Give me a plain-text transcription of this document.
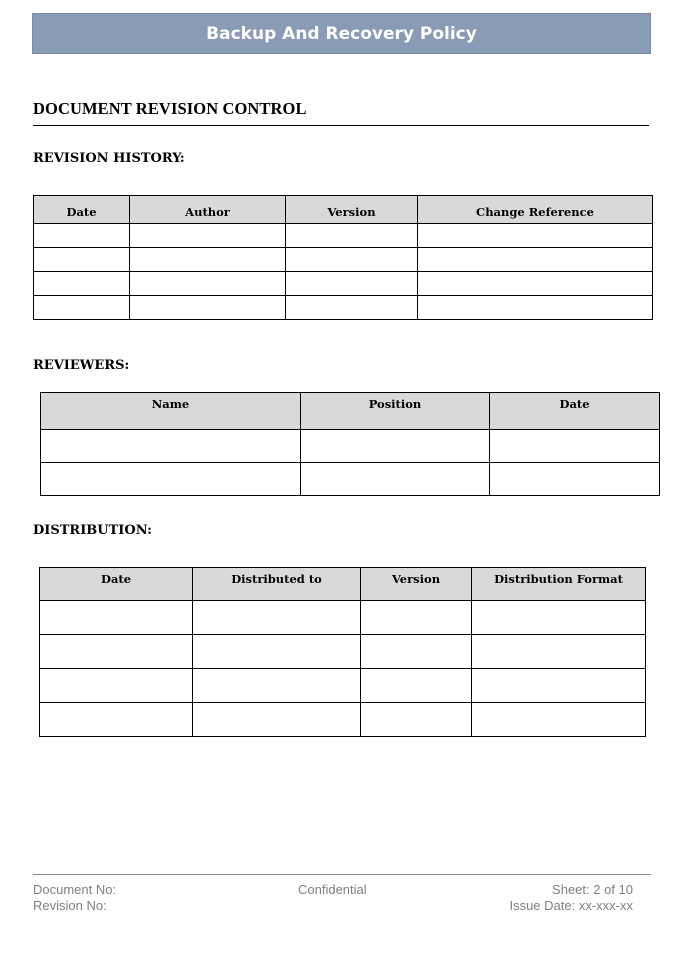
Backup And Recovery Policy
DOCUMENT REVISION CONTROL
REVISION HISTORY:
Date	Author	Version	Change Reference

REVIEWERS:
Name	Position	Date

DISTRIBUTION:
Date	Distributed to	Version	Distribution Format

Document No:
Revision No:
Confidential	Sheet: 2 of 10
Issue Date: xx-xxx-xx
